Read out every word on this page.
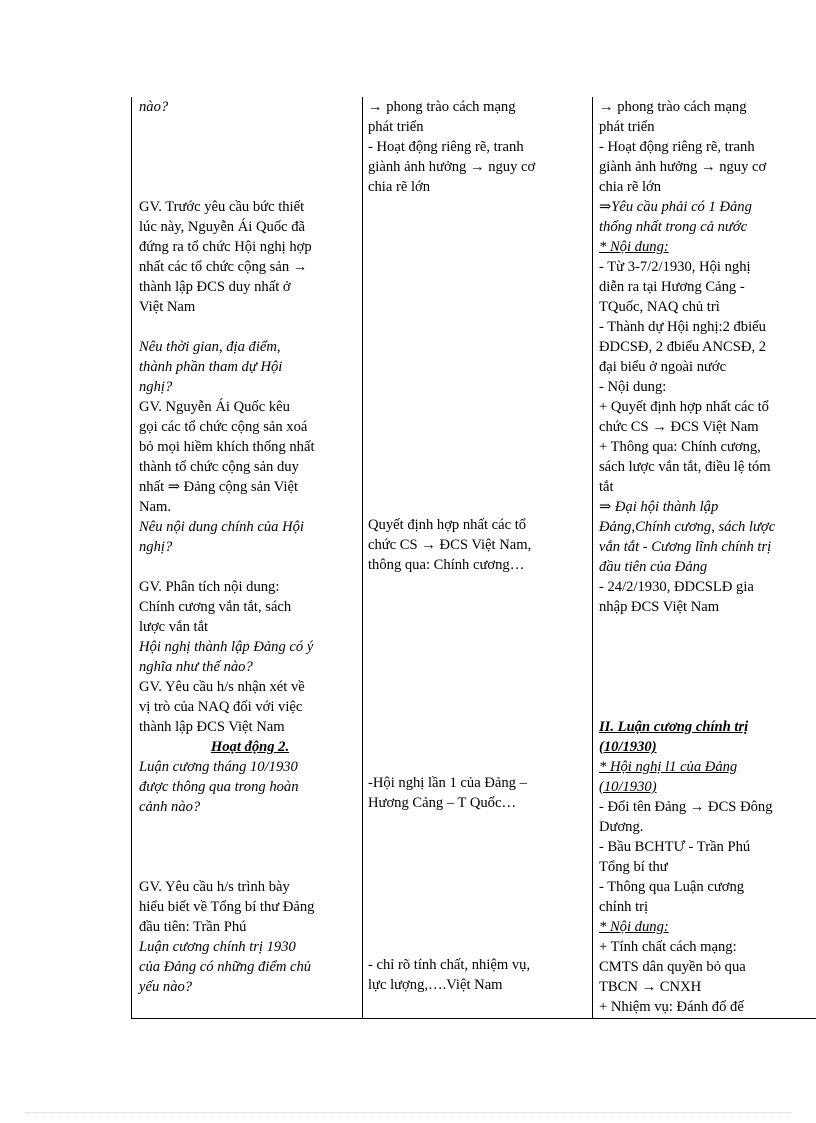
nào?

GV. Trước yêu cầu bức thiết

lúc này, Nguyễn Ái Quốc đã

đứng ra tổ chức Hội nghị hợp

nhất các tổ chức cộng sản →

thành lập ĐCS duy nhất ở

Việt Nam

Nêu thời gian, địa điểm,

thành phần tham dự Hội

nghị?

GV. Nguyễn Ái Quốc kêu

gọi các tổ chức cộng sản xoá

bỏ mọi hiềm khích thống nhất

thành tổ chức cộng sản duy

nhất ⇒ Đảng cộng sản Việt

Nam.

Nêu nội dung chính của Hội

nghị?

GV. Phân tích nội dung:

Chính cương vắn tắt, sách

lược vắn tắt

Hội nghị thành lập Đảng có ý

nghĩa như thế nào?

GV. Yêu cầu h/s nhận xét về

vị trò của NAQ đối với việc

thành lập ĐCS Việt Nam

Hoạt động 2.

Luận cương tháng 10/1930

được thông qua trong hoàn

cảnh nào?

GV. Yêu cầu h/s trình bày

hiểu biết về Tổng bí thư Đảng

đầu tiên: Trần Phú

Luận cương chính trị 1930

của Đảng có những điểm chủ

yếu nào?

→ phong trào cách mạng

phát triển

- Hoạt động riêng rẽ, tranh

giành ảnh hưởng → nguy cơ

chia rẽ lớn

Quyết định hợp nhất các tổ

chức CS → ĐCS Việt Nam,

thông qua: Chính cương…

-Hội nghị lần 1 của Đảng –

Hương Cảng – T Quốc…

- chỉ rõ tính chất, nhiệm vụ,

lực lượng,….Việt Nam

→ phong trào cách mạng

phát triển

- Hoạt động riêng rẽ, tranh

giành ảnh hưởng → nguy cơ

chia rẽ lớn

⇒Yêu cầu phải có 1 Đảng

thống nhất trong cả nước

* Nội dung:

- Từ 3-7/2/1930, Hội nghị

diễn ra tại Hương Cảng -

TQuốc, NAQ chủ trì

- Thành dự Hội nghị:2 đbiểu

ĐDCSĐ, 2 đbiểu ANCSĐ, 2

đại biểu ở ngoài nước

- Nội dung:

+ Quyết định hợp nhất các tổ

chức CS → ĐCS Việt Nam

+ Thông qua: Chính cương,

sách lược vắn tắt, điều lệ tóm

tắt

⇒ Đại hội thành lập

Đảng,Chính cương, sách lược

vắn tắt - Cương lĩnh chính trị

đầu tiên của Đảng

- 24/2/1930, ĐDCSLĐ gia

nhập ĐCS Việt Nam

II. Luận cương chính trị

(10/1930)

* Hội nghị l1 của Đảng

(10/1930)

- Đổi tên Đảng → ĐCS Đông

Dương.

- Bầu BCHTƯ - Trần Phú

Tổng bí thư

- Thông qua Luận cương

chính trị

* Nội dung:

+ Tính chất cách mạng:

CMTS dân quyền bỏ qua

TBCN → CNXH

+ Nhiệm vụ: Đánh đổ đế
